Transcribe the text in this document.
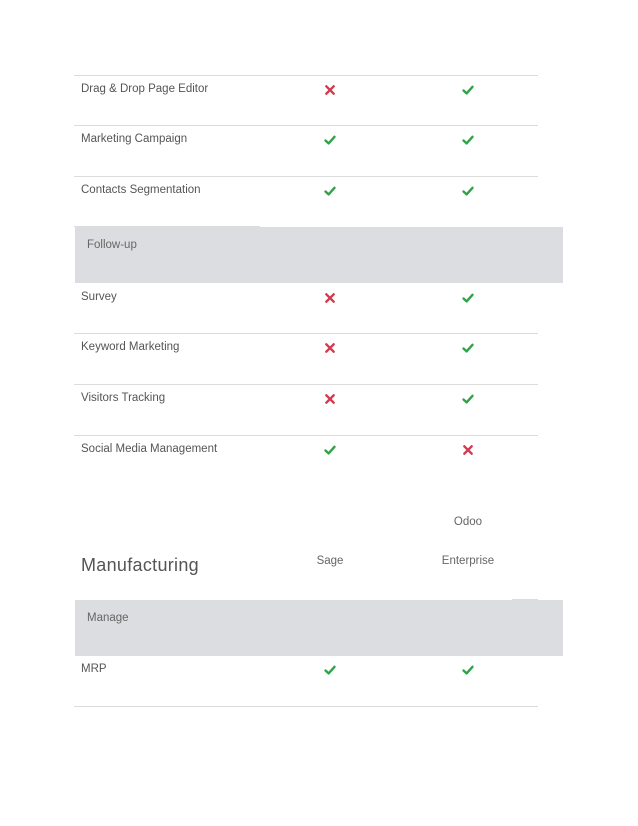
Drag & Drop Page Editor
Marketing Campaign
Contacts Segmentation
Follow-up
Survey
Keyword Marketing
Visitors Tracking
Social Media Management
Odoo
Sage	Enterprise
Manufacturing
Manage
MRP
